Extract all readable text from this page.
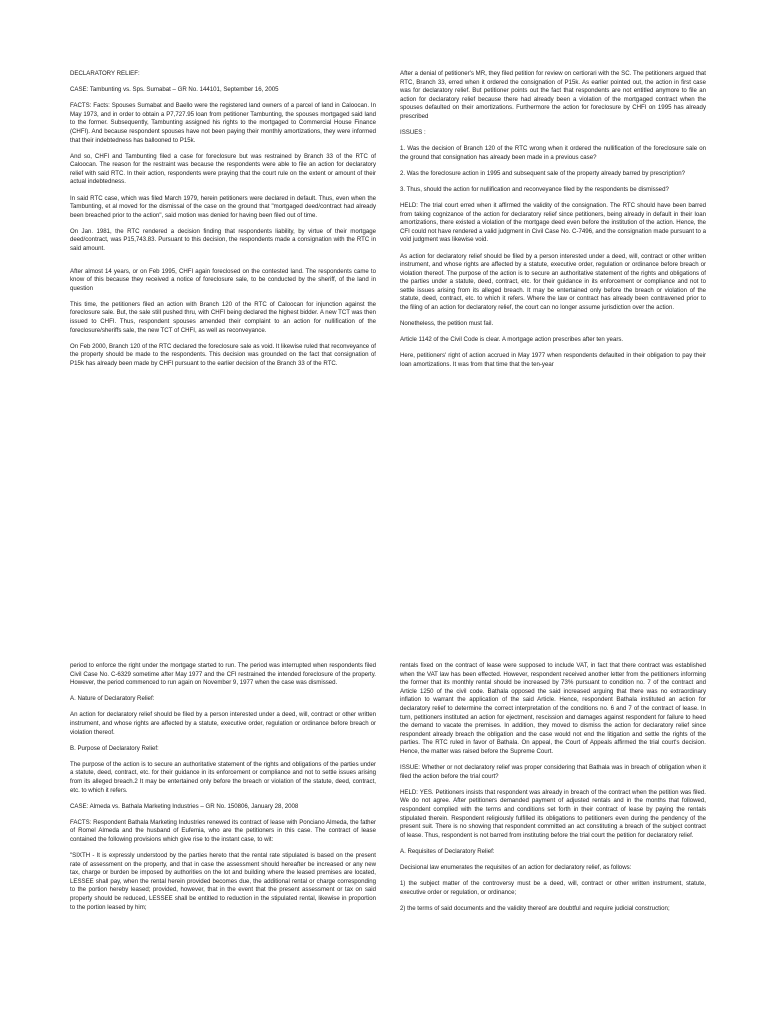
DECLARATORY RELIEF:

CASE: Tambunting vs. Sps. Sumabat – GR No. 144101, September 16, 2005

FACTS: Facts: Spouses Sumabat and Baello were the registered land owners of a parcel of land in Caloocan. In May 1973, and in order to obtain a P7,727.95 loan from petitioner Tambunting, the spouses mortgaged said land to the former. Subsequently, Tambunting assigned his rights to the mortgaged to Commercial House Finance (CHFI). And because respondent spouses have not been paying their monthly amortizations, they were informed that their indebtedness has ballooned to P15k.

And so, CHFI and Tambunting filed a case for foreclosure but was restrained by Branch 33 of the RTC of Caloocan. The reason for the restraint was because the respondents were able to file an action for declaratory relief with said RTC. In their action, respondents were praying that the court rule on the extent or amount of their actual indebtedness.

In said RTC case, which was filed March 1979, herein petitioners were declared in default. Thus, even when the Tambunting, et al moved for the dismissal of the case on the ground that "mortgaged deed/contract had already been breached prior to the action", said motion was denied for having been filed out of time.

On Jan. 1981, the RTC rendered a decision finding that respondents liability, by virtue of their mortgage deed/contract, was P15,743.83. Pursuant to this decision, the respondents made a consignation with the RTC in said amount.

After almost 14 years, or on Feb 1995, CHFI again foreclosed on the contested land. The respondents came to know of this because they received a notice of foreclosure sale, to be conducted by the sheriff, of the land in question

This time, the petitioners filed an action with Branch 120 of the RTC of Caloocan for injunction against the foreclosure sale. But, the sale still pushed thru, with CHFI being declared the highest bidder. A new TCT was then issued to CHFI. Thus, respondent spouses amended their complaint to an action for nullification of the foreclosure/sheriffs sale, the new TCT of CHFI, as well as reconveyance.

On Feb 2000, Branch 120 of the RTC declared the foreclosure sale as void. It likewise ruled that reconveyance of the property should be made to the respondents. This decision was grounded on the fact that consignation of P15k has already been made by CHFI pursuant to the earlier decision of the Branch 33 of the RTC.

After a denial of petitioner's MR, they filed petition for review on certiorari with the SC. The petitioners argued that RTC, Branch 33, erred when it ordered the consignation of P15k. As earlier pointed out, the action in first case was for declaratory relief. But petitioner points out the fact that respondents are not entitled anymore to file an action for declaratory relief because there had already been a violation of the mortgaged contract when the spouses defaulted on their amortizations. Furthermore the action for foreclosure by CHFI on 1995 has already prescribed

ISSUES :

1. Was the decision of Branch 120 of the RTC wrong when it ordered the nullification of the foreclosure sale on the ground that consignation has already been made in a previous case?

2. Was the foreclosure action in 1995 and subsequent sale of the property already barred by prescription?

3. Thus, should the action for nullification and reconveyance filed by the respondents be dismissed?

HELD: The trial court erred when it affirmed the validity of the consignation. The RTC should have been barred from taking cognizance of the action for declaratory relief since petitioners, being already in default in their loan amortizations, there existed a violation of the mortgage deed even before the institution of the action. Hence, the CFI could not have rendered a valid judgment in Civil Case No. C-7496, and the consignation made pursuant to a void judgment was likewise void.

As action for declaratory relief should be filed by a person interested under a deed, will, contract or other written instrument, and whose rights are affected by a statute, executive order, regulation or ordinance before breach or violation thereof. The purpose of the action is to secure an authoritative statement of the rights and obligations of the parties under a statute, deed, contract, etc. for their guidance in its enforcement or compliance and not to settle issues arising from its alleged breach. It may be entertained only before the breach or violation of the statute, deed, contract, etc. to which it refers. Where the law or contract has already been contravened prior to the filing of an action for declaratory relief, the court can no longer assume jurisdiction over the action.

Nonetheless, the petition must fail.

Article 1142 of the Civil Code is clear. A mortgage action prescribes after ten years.

Here, petitioners' right of action accrued in May 1977 when respondents defaulted in their obligation to pay their loan amortizations. It was from that time that the ten-year

period to enforce the right under the mortgage started to run. The period was interrupted when respondents filed Civil Case No. C-6329 sometime after May 1977 and the CFI restrained the intended foreclosure of the property. However, the period commenced to run again on November 9, 1977 when the case was dismissed.

A. Nature of Declaratory Relief:

An action for declaratory relief should be filed by a person interested under a deed, will, contract or other written instrument, and whose rights are affected by a statute, executive order, regulation or ordinance before breach or violation thereof.

B. Purpose of Declaratory Relief:

The purpose of the action is to secure an authoritative statement of the rights and obligations of the parties under a statute, deed, contract, etc. for their guidance in its enforcement or compliance and not to settle issues arising from its alleged breach.2 It may be entertained only before the breach or violation of the statute, deed, contract, etc. to which it refers.

CASE: Almeda vs. Bathala Marketing Industries – GR No. 150806, January 28, 2008

FACTS: Respondent Bathala Marketing Industries renewed its contract of lease with Ponciano Almeda, the father of Romel Almeda and the husband of Eufemia, who are the petitioners in this case. The contract of lease contained the following provisions which give rise to the instant case, to wit:

"SIXTH - It is expressly understood by the parties hereto that the rental rate stipulated is based on the present rate of assessment on the property, and that in case the assessment should hereafter be increased or any new tax, charge or burden be imposed by authorities on the lot and building where the leased premises are located, LESSEE shall pay, when the rental herein provided becomes due, the additional rental or charge corresponding to the portion hereby leased; provided, however, that in the event that the present assessment or tax on said property should be reduced, LESSEE shall be entitled to reduction in the stipulated rental, likewise in proportion to the portion leased by him;

rentals fixed on the contract of lease were supposed to include VAT, in fact that there contract was established when the VAT law has been effected. However, respondent received another letter from the petitioners informing the former that its monthly rental should be increased by 73% pursuant to condition no. 7 of the contract and Article 1250 of the civil code. Bathala opposed the said increased arguing that there was no extraordinary inflation to warrant the application of the said Article. Hence, respondent Bathala instituted an action for declaratory relief to determine the correct interpretation of the conditions no. 6 and 7 of the contract of lease. In turn, petitioners instituted an action for ejectment, rescission and damages against respondent for failure to heed the demand to vacate the premises. In addition, they moved to dismiss the action for declaratory relief since respondent already breach the obligation and the case would not end the litigation and settle the rights of the parties. The RTC ruled in favor of Bathala. On appeal, the Court of Appeals affirmed the trial court's decision. Hence, the matter was raised before the Supreme Court.

ISSUE: Whether or not declaratory relief was proper considering that Bathala was in breach of obligation when it filed the action before the trial court?

HELD: YES. Petitioners insists that respondent was already in breach of the contract when the petition was filed. We do not agree. After petitioners demanded payment of adjusted rentals and in the months that followed, respondent complied with the terms and conditions set forth in their contract of lease by paying the rentals stipulated therein. Respondent religiously fulfilled its obligations to petitioners even during the pendency of the present suit. There is no showing that respondent committed an act constituting a breach of the subject contract of lease. Thus, respondent is not barred from instituting before the trial court the petition for declaratory relief.

A. Requisites of Declaratory Relief:

Decisional law enumerates the requisites of an action for declaratory relief, as follows:

1) the subject matter of the controversy must be a deed, will, contract or other written instrument, statute, executive order or regulation, or ordinance;

2) the terms of said documents and the validity thereof are doubtful and require judicial construction;
